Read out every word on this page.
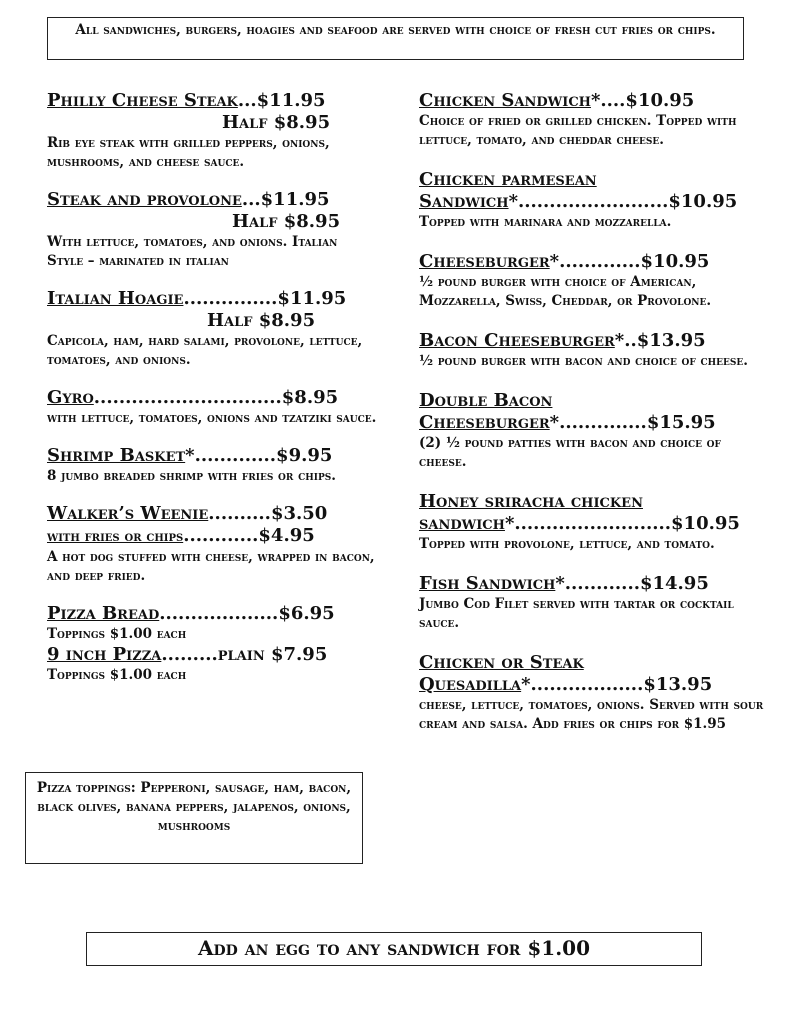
All sandwiches, burgers, hoagies and seafood are served with choice of fresh cut fries or chips.
Philly Cheese Steak...$11.95
Half $8.95
Rib eye steak with grilled peppers, onions, mushrooms, and cheese sauce.
Steak and provolone...$11.95
Half $8.95
With lettuce, tomatoes, and onions. Italian Style – marinated in italian
Italian Hoagie...............$11.95
Half $8.95
Capicola, ham, hard salami, provolone, lettuce, tomatoes, and onions.
Gyro..............................$8.95
with lettuce, tomatoes, onions and tzatziki sauce.
Shrimp Basket*.............$9.95
8 jumbo breaded shrimp with fries or chips.
Walker’s Weenie..........$3.50
with fries or chips............$4.95
A hot dog stuffed with cheese, wrapped in bacon, and deep fried.
Pizza Bread...................$6.95
Toppings $1.00 each
9 inch Pizza.........plain $7.95
Toppings $1.00 each
Pizza toppings: Pepperoni, sausage, ham, bacon, black olives, banana peppers, jalapenos, onions, mushrooms
Chicken Sandwich*....$10.95
Choice of fried or grilled chicken. Topped with lettuce, tomato, and cheddar cheese.
Chicken parmesean
Sandwich*........................$10.95
Topped with marinara and mozzarella.
Cheeseburger*.............$10.95
½ pound burger with choice of American, Mozzarella, Swiss, Cheddar, or Provolone.
Bacon Cheeseburger*..$13.95
½ pound burger with bacon and choice of cheese.
Double Bacon
Cheeseburger*..............$15.95
(2) ½ pound patties with bacon and choice of cheese.
Honey sriracha chicken
sandwich*.........................$10.95
Topped with provolone, lettuce, and tomato.
Fish Sandwich*............$14.95
Jumbo Cod Filet served with tartar or cocktail sauce.
Chicken or Steak
Quesadilla*..................$13.95
cheese, lettuce, tomatoes, onions. Served with sour cream and salsa. Add fries or chips for $1.95
Add an egg to any sandwich for $1.00
